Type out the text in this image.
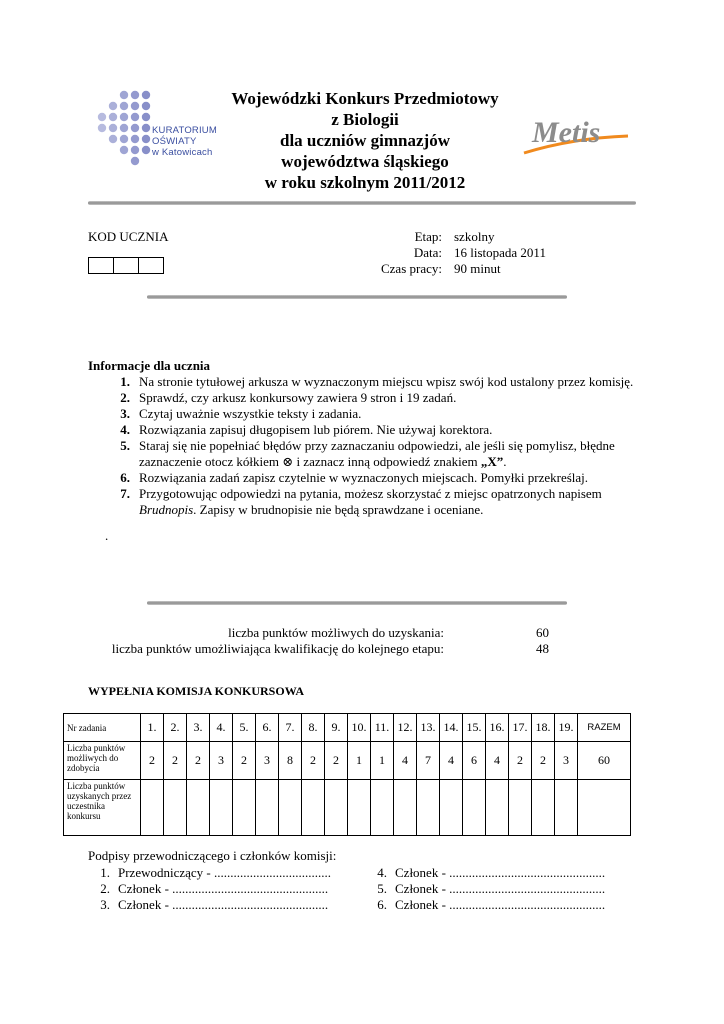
KURATORIUM
OŚWIATY
w Katowicach
Wojewódzki Konkurs Przedmiotowy
z Biologii
dla uczniów gimnazjów
województwa śląskiego
w roku szkolnym 2011/2012
Metis
KOD UCZNIA	Etap: szkolny
Data: 16 listopada 2011
Czas pracy: 90 minut
Informacje dla ucznia
1. Na stronie tytułowej arkusza w wyznaczonym miejscu wpisz swój kod ustalony przez komisję.
2. Sprawdź, czy arkusz konkursowy zawiera 9 stron i 19 zadań.
3. Czytaj uważnie wszystkie teksty i zadania.
4. Rozwiązania zapisuj długopisem lub piórem. Nie używaj korektora.
5. Staraj się nie popełniać błędów przy zaznaczaniu odpowiedzi, ale jeśli się pomylisz, błędne zaznaczenie otocz kółkiem ⊗ i zaznacz inną odpowiedź znakiem „X”.
6. Rozwiązania zadań zapisz czytelnie w wyznaczonych miejscach. Pomyłki przekreślaj.
7. Przygotowując odpowiedzi na pytania, możesz skorzystać z miejsc opatrzonych napisem Brudnopis. Zapisy w brudnopisie nie będą sprawdzane i oceniane.
.
liczba punktów możliwych do uzyskania:	60
liczba punktów umożliwiająca kwalifikację do kolejnego etapu:	48
WYPEŁNIA KOMISJA KONKURSOWA
Nr zadania	1.	2.	3.	4.	5.	6.	7.	8.	9.	10.	11.	12.	13.	14.	15.	16.	17.	18.	19.	RAZEM
Liczba punktów możliwych do zdobycia	2	2	2	3	2	3	8	2	2	1	1	4	7	4	6	4	2	2	3	60
Liczba punktów uzyskanych przez uczestnika konkursu																				
Podpisy przewodniczącego i członków komisji:
1. Przewodniczący - ....................................
2. Członek - ................................................
3. Członek - ................................................
4. Członek - ................................................
5. Członek - ................................................
6. Członek - ................................................
